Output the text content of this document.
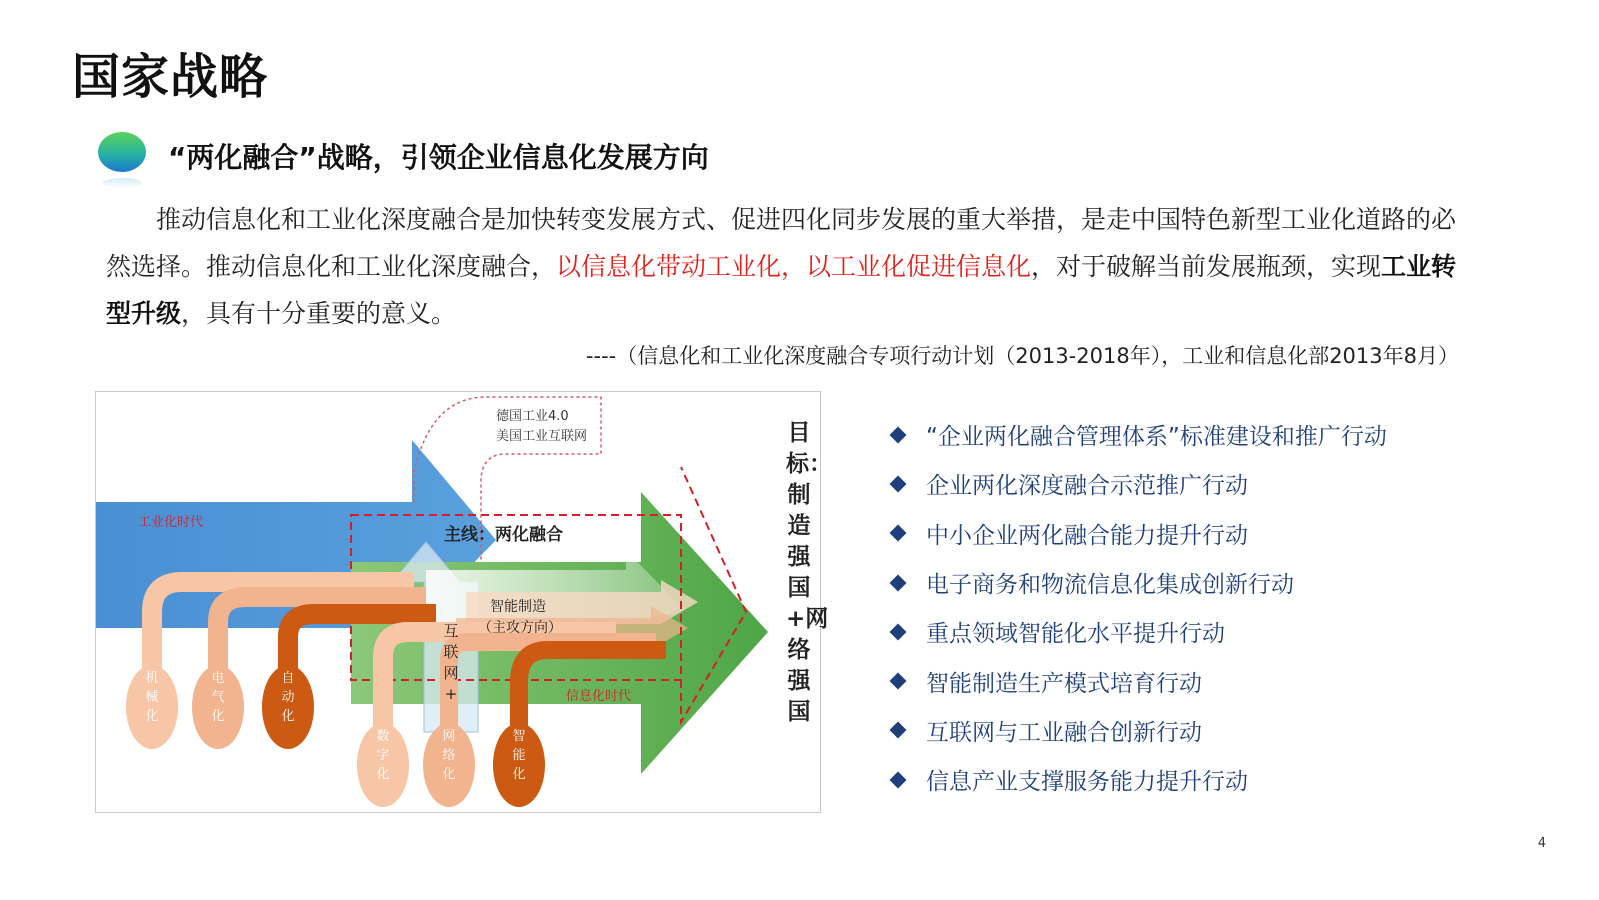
国家战略
“两化融合”战略，引领企业信息化发展方向
推动信息化和工业化深度融合是加快转变发展方式、促进四化同步发展的重大举措，是走中国特色新型工业化道路的必然选择。推动信息化和工业化深度融合，以信息化带动工业化，以工业化促进信息化，对于破解当前发展瓶颈，实现工业转型升级，具有十分重要的意义。
----（信息化和工业化深度融合专项行动计划（2013-2018年），工业和信息化部2013年8月）
机械化
电气化
自动化
数字化
网络化
智能化
工业化时代
信息化时代
德国工业4.0
美国工业互联网
主线：两化融合
智能制造
（主攻方向）
互联网+
目标：制造强国+网络强国
“企业两化融合管理体系”标准建设和推广行动
企业两化深度融合示范推广行动
中小企业两化融合能力提升行动
电子商务和物流信息化集成创新行动
重点领域智能化水平提升行动
智能制造生产模式培育行动
互联网与工业融合创新行动
信息产业支撑服务能力提升行动
4
